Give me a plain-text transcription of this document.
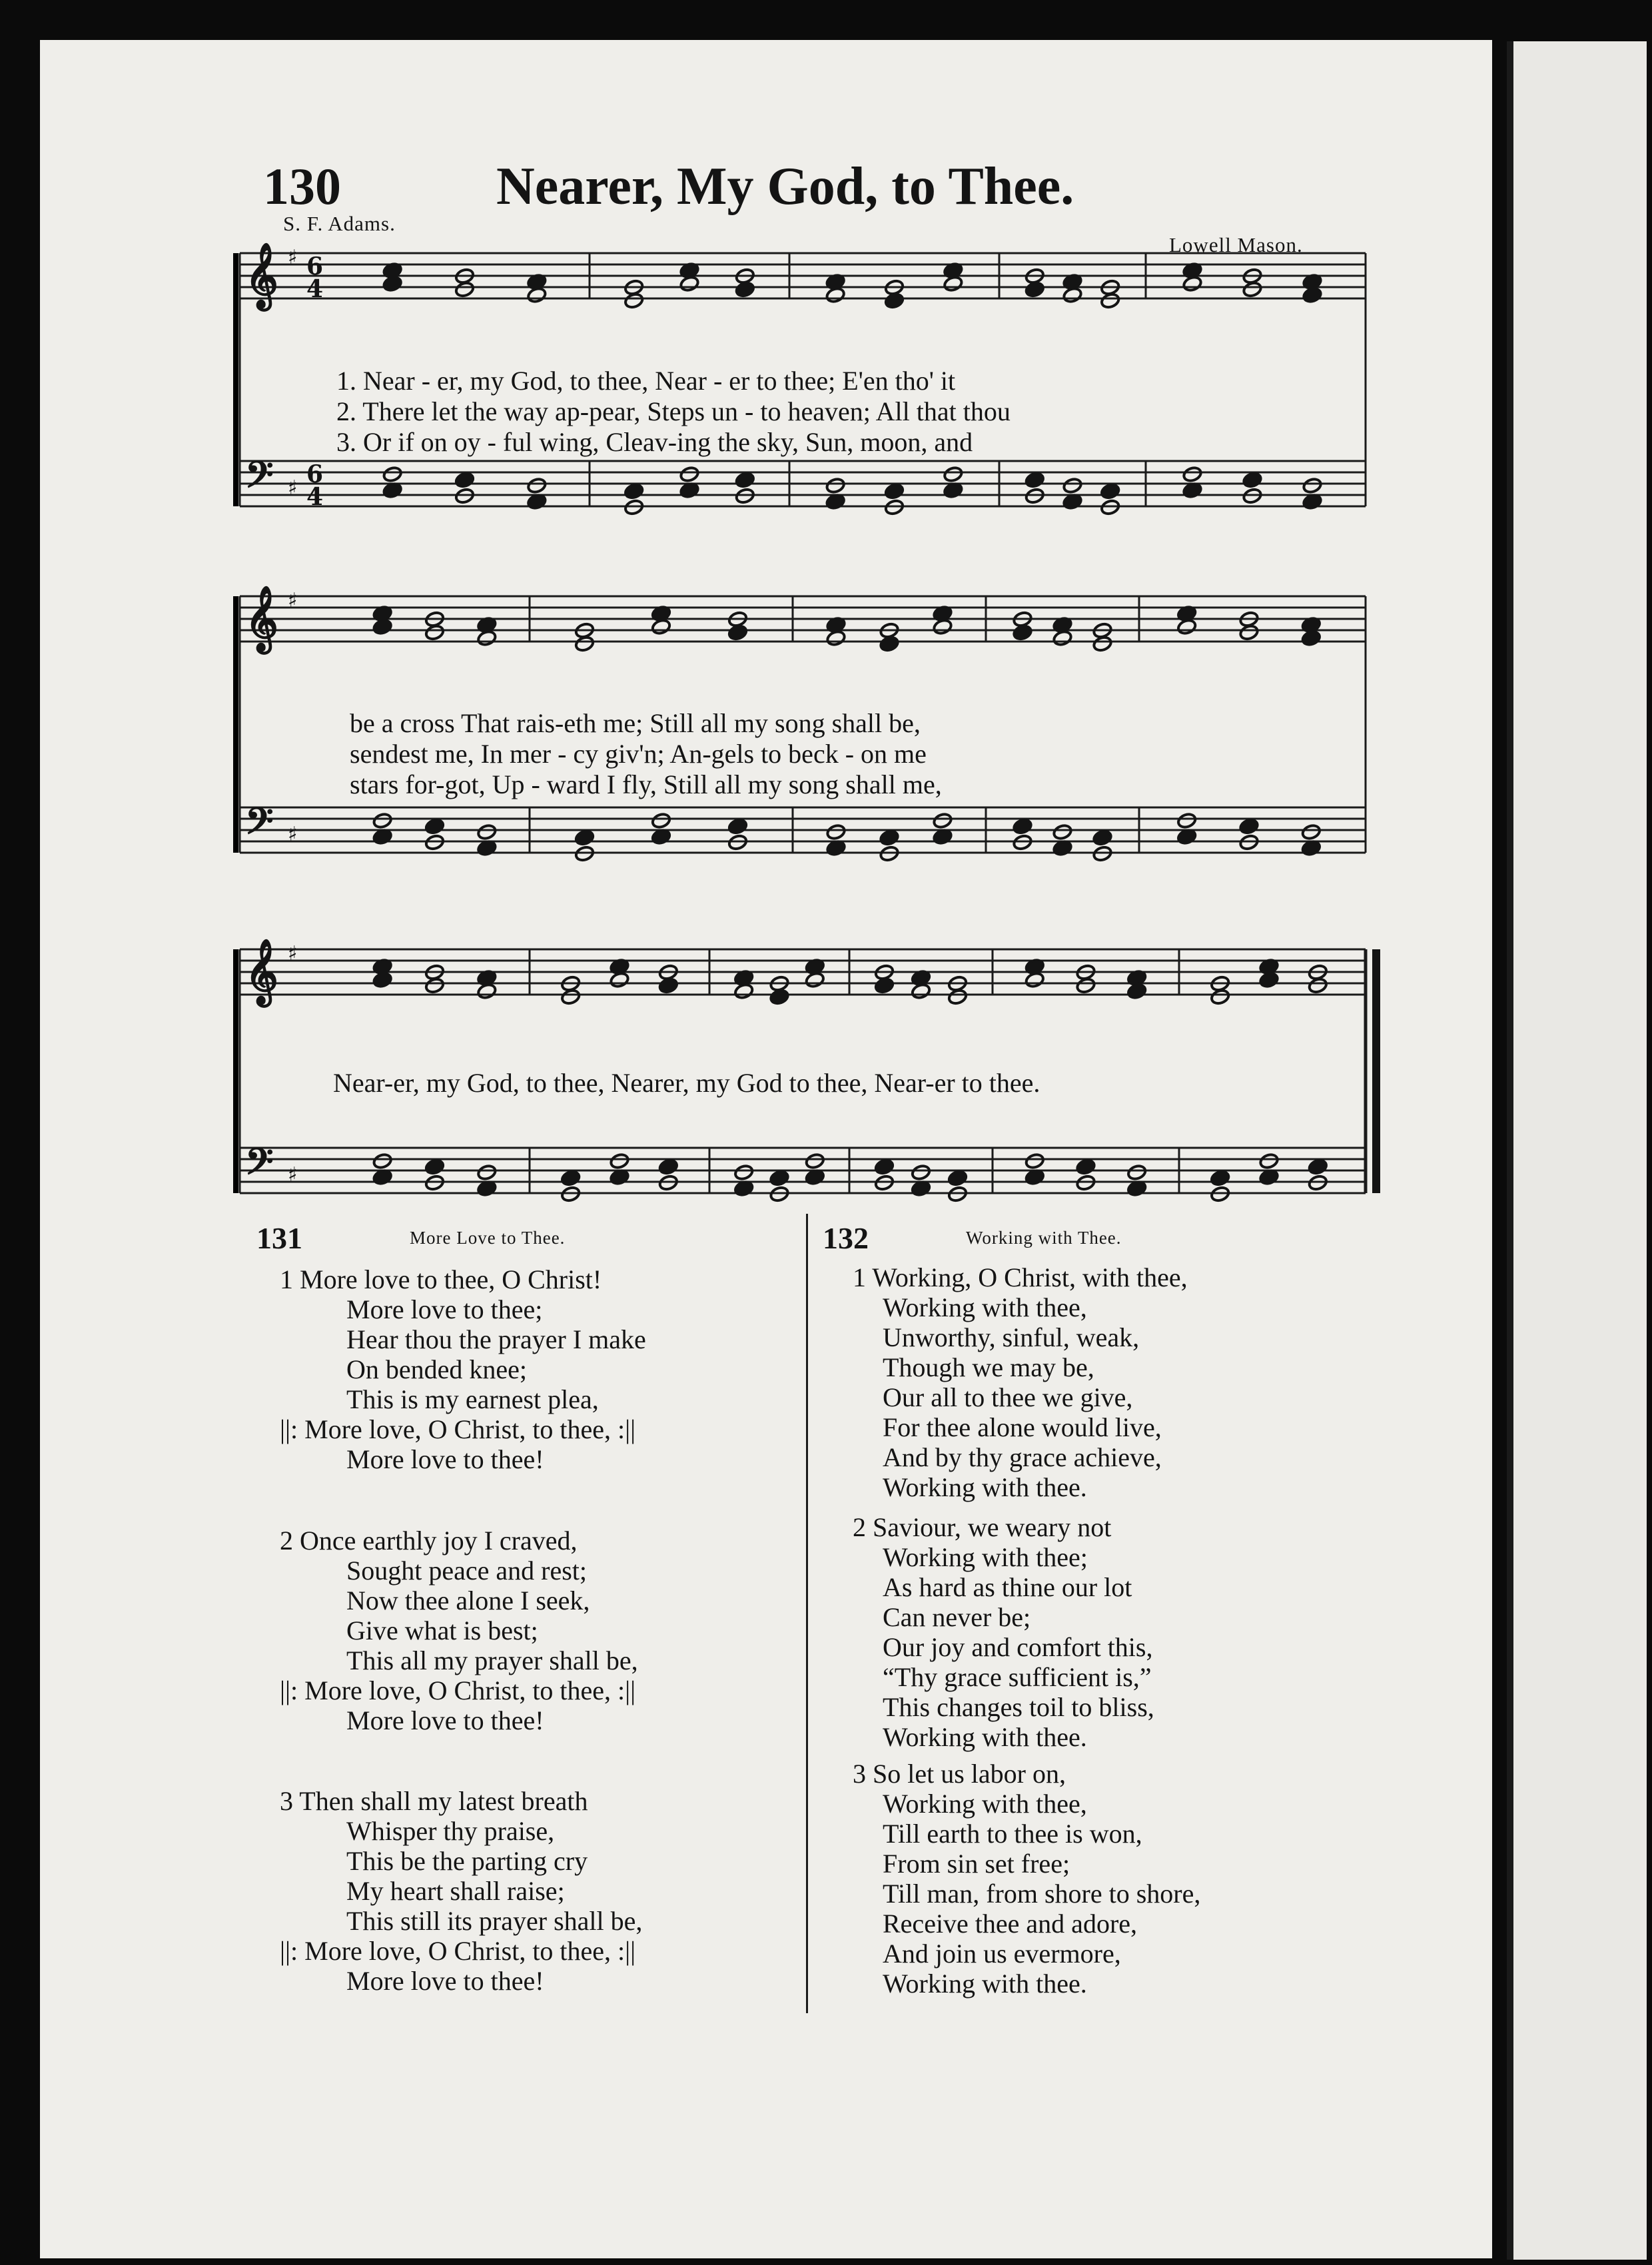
130	Nearer, My God, to Thee.
S. F. Adams.
Lowell Mason.
𝄞
𝄢
♯
♯
6
4
6
4
𝄞
𝄢
♯
♯
𝄞
𝄢
♯
♯
1. Near - er, my God, to thee, Near - er to thee; E'en tho' it
2. There let the way ap-pear, Steps un - to heaven; All that thou
3. Or if on oy - ful wing, Cleav-ing the sky, Sun, moon, and
be a cross That rais-eth me; Still all my song shall be,
sendest me, In mer - cy giv'n; An-gels to beck - on me
stars for-got, Up - ward I fly, Still all my song shall me,
Near-er, my God, to thee, Nearer, my God to thee, Near-er to thee.
131	More Love to Thee.
1 More love to thee, O Christ!
More love to thee;
Hear thou the prayer I make
On bended knee;
This is my earnest plea,
||: More love, O Christ, to thee, :||
More love to thee!
2 Once earthly joy I craved,
Sought peace and rest;
Now thee alone I seek,
Give what is best;
This all my prayer shall be,
||: More love, O Christ, to thee, :||
More love to thee!
3 Then shall my latest breath
Whisper thy praise,
This be the parting cry
My heart shall raise;
This still its prayer shall be,
||: More love, O Christ, to thee, :||
More love to thee!
132	Working with Thee.
1 Working, O Christ, with thee,
Working with thee,
Unworthy, sinful, weak,
Though we may be,
Our all to thee we give,
For thee alone would live,
And by thy grace achieve,
Working with thee.
2 Saviour, we weary not
Working with thee;
As hard as thine our lot
Can never be;
Our joy and comfort this,
“Thy grace sufficient is,”
This changes toil to bliss,
Working with thee.
3 So let us labor on,
Working with thee,
Till earth to thee is won,
From sin set free;
Till man, from shore to shore,
Receive thee and adore,
And join us evermore,
Working with thee.
